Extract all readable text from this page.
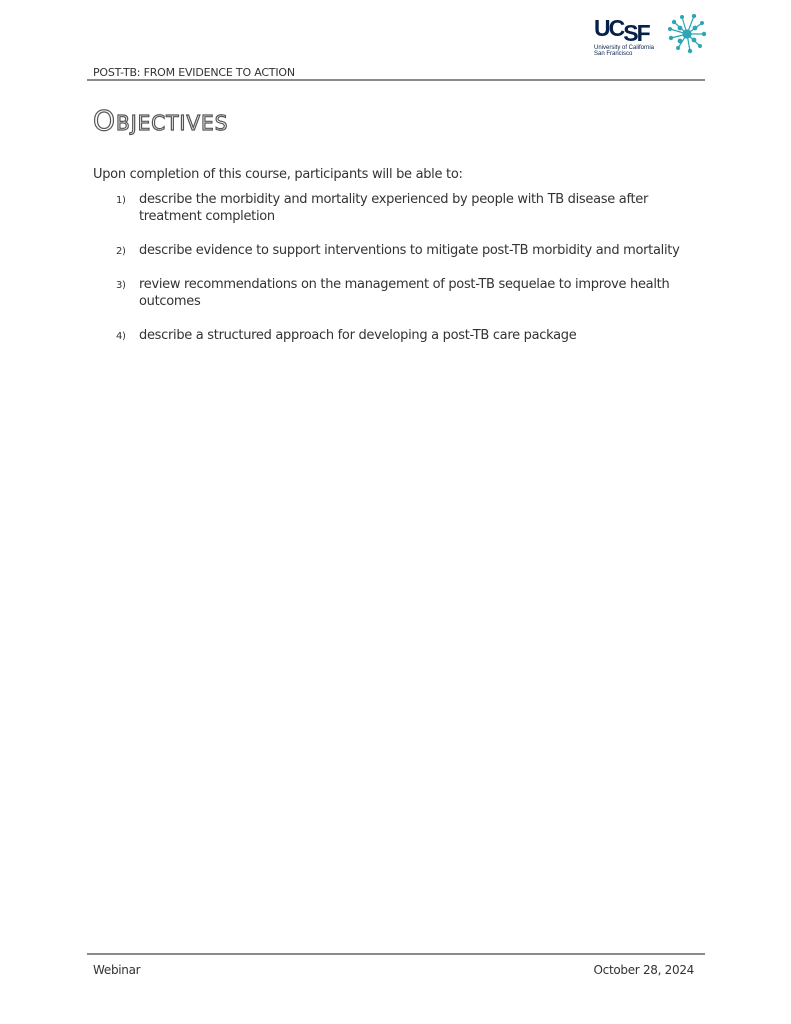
UCSF
University of California San Francisco
POST-TB: FROM EVIDENCE TO ACTION
Objectives
Upon completion of this course, participants will be able to:
1) describe the morbidity and mortality experienced by people with TB disease after treatment completion
2) describe evidence to support interventions to mitigate post-TB morbidity and mortality
3) review recommendations on the management of post-TB sequelae to improve health outcomes
4) describe a structured approach for developing a post-TB care package
Webinar	October 28, 2024
